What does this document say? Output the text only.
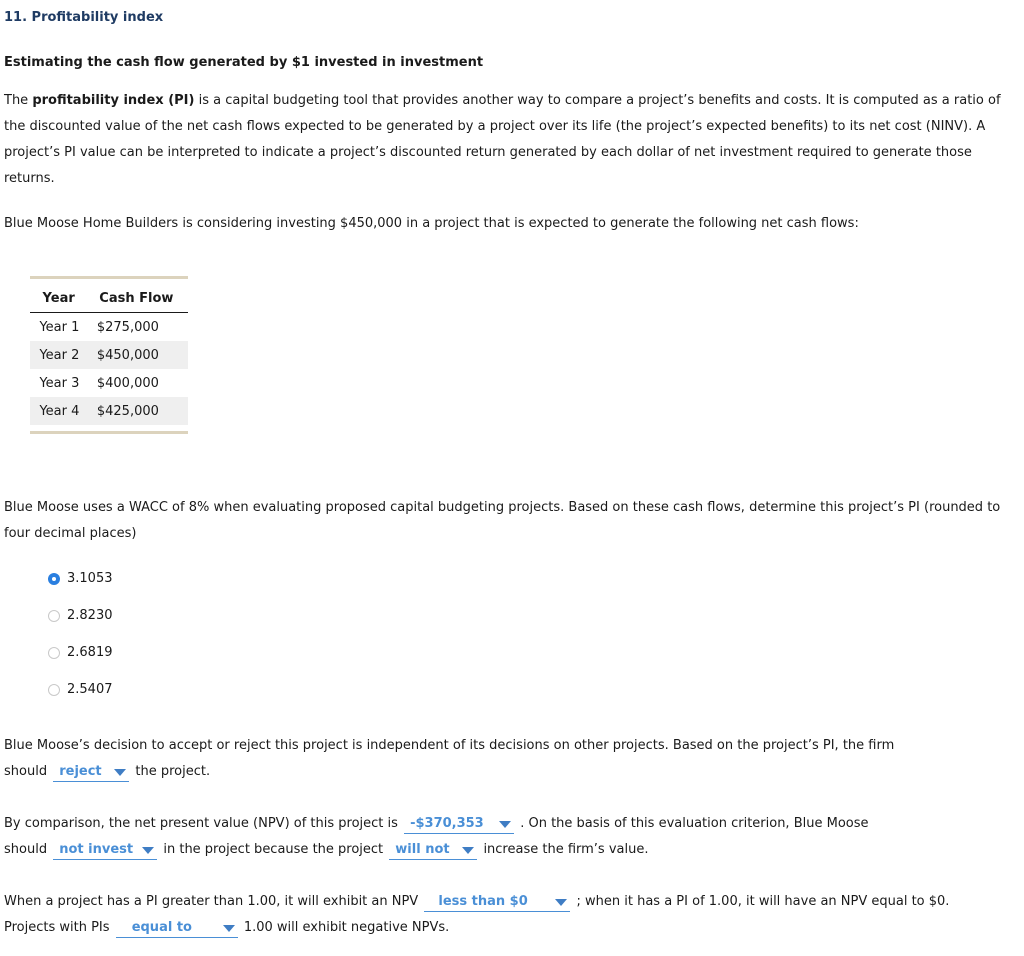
11. Profitability index
Estimating the cash flow generated by $1 invested in investment
The profitability index (PI) is a capital budgeting tool that provides another way to compare a project’s benefits and costs. It is computed as a ratio of the discounted value of the net cash flows expected to be generated by a project over its life (the project’s expected benefits) to its net cost (NINV). A project’s PI value can be interpreted to indicate a project’s discounted return generated by each dollar of net investment required to generate those returns.
Blue Moose Home Builders is considering investing $450,000 in a project that is expected to generate the following net cash flows:
Year	Cash Flow
Year 1	$275,000
Year 2	$450,000
Year 3	$400,000
Year 4	$425,000
Blue Moose uses a WACC of 8% when evaluating proposed capital budgeting projects. Based on these cash flows, determine this project’s PI (rounded to four decimal places)
3.1053
2.8230
2.6819
2.5407
Blue Moose’s decision to accept or reject this project is independent of its decisions on other projects. Based on the project’s PI, the firm
should reject	the project.
By comparison, the net present value (NPV) of this project is -$370,353	. On the basis of this evaluation criterion, Blue Moose
should not invest in the project because the project will not	increase the firm’s value.
When a project has a PI greater than 1.00, it will exhibit an NPV less than $0	; when it has a PI of 1.00, it will have an NPV equal to $0.
Projects with PIs equal to	1.00 will exhibit negative NPVs.
